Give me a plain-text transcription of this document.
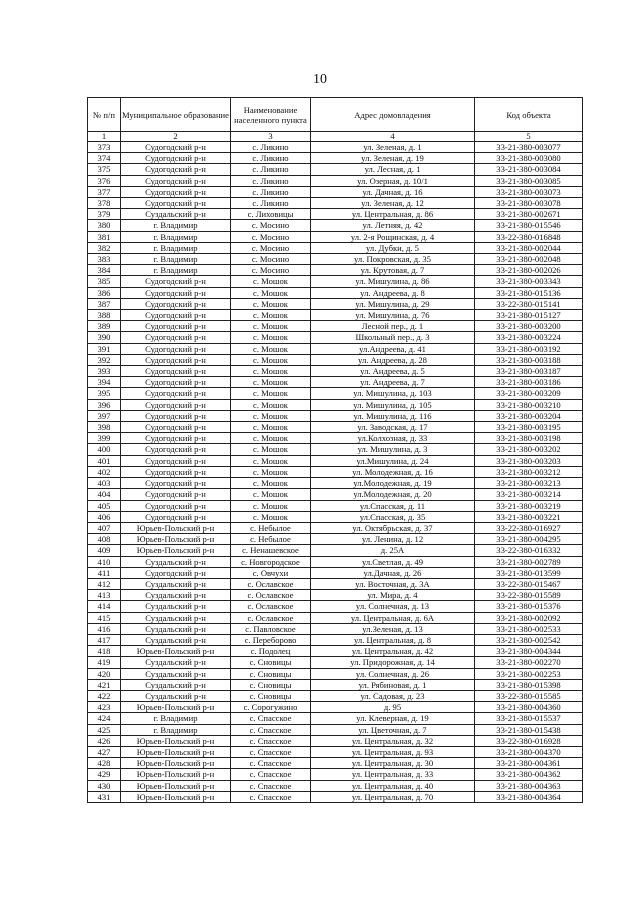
10
№ п/п	Муниципальное образование	Наименование населенного пункта	Адрес домовладения	Код объекта
1	2	3	4	5
373	Судогодский р-н	с. Ликино	ул. Зеленая, д. 1	33-21-380-003077
374	Судогодский р-н	с. Ликино	ул. Зеленая, д. 19	33-21-380-003080
375	Судогодский р-н	с. Ликино	ул. Лесная, д. 1	33-21-380-003084
376	Судогодский р-н	с. Ликино	ул. Озерная, д. 10/1	33-21-380-003085
377	Судогодский р-н	с. Ликино	ул. Дачная, д. 16	33-21-380-003073
378	Судогодский р-н	с. Ликино	ул. Зеленая, д. 12	33-21-380-003078
379	Суздальский р-н	с. Лиховицы	ул. Центральная, д. 86	33-21-380-002671
380	г. Владимир	с. Мосино	ул. Летняя, д. 42	33-21-380-015546
381	г. Владимир	с. Мосино	ул. 2-я Рощинская, д. 4	33-22-380-016848
382	г. Владимир	с. Мосино	ул. Дубки, д. 5	33-21-380-002044
383	г. Владимир	с. Мосино	ул. Покровская, д. 35	33-21-380-002048
384	г. Владимир	с. Мосино	ул. Крутовая, д. 7	33-21-380-002026
385	Судогодский р-н	с. Мошок	ул. Мишулина, д. 86	33-21-380-003343
386	Судогодский р-н	с. Мошок	ул. Андреева, д. 8	33-21-380-015136
387	Судогодский р-н	с. Мошок	ул. Мишулина, д. 29	33-22-380-015141
388	Судогодский р-н	с. Мошок	ул. Мишулина, д. 76	33-21-380-015127
389	Судогодский р-н	с. Мошок	Лесной пер., д. 1	33-21-380-003200
390	Судогодский р-н	с. Мошок	Школьный пер., д. 3	33-21-380-003224
391	Судогодский р-н	с. Мошок	ул.Андреева, д. 41	33-21-380-003192
392	Судогодский р-н	с. Мошок	ул. Андреева, д. 28	33-21-380-003188
393	Судогодский р-н	с. Мошок	ул. Андреева, д. 5	33-21-380-003187
394	Судогодский р-н	с. Мошок	ул. Андреева, д. 7	33-21-380-003186
395	Судогодский р-н	с. Мошок	ул. Мишулина, д. 103	33-21-380-003209
396	Судогодский р-н	с. Мошок	ул. Мишулина, д. 105	33-21-380-003210
397	Судогодский р-н	с. Мошок	ул. Мишулина, д. 116	33-21-380-003204
398	Судогодский р-н	с. Мошок	ул. Заводская, д. 17	33-21-380-003195
399	Судогодский р-н	с. Мошок	ул.Колхозная, д. 33	33-21-380-003198
400	Судогодский р-н	с. Мошок	ул. Мишулина, д. 3	33-21-380-003202
401	Судогодский р-н	с. Мошок	ул.Мишулина, д. 24	33-21-380-003203
402	Судогодский р-н	с. Мошок	ул. Молодежная, д. 16	33-21-380-003212
403	Судогодский р-н	с. Мошок	ул.Молодежная, д. 19	33-21-380-003213
404	Судогодский р-н	с. Мошок	ул.Молодежная, д. 20	33-21-380-003214
405	Судогодский р-н	с. Мошок	ул.Спасская, д. 11	33-21-380-003219
406	Судогодский р-н	с. Мошок	ул.Спасская, д. 35	33-21-380-003221
407	Юрьев-Польский р-н	с. Небылое	ул. Октябрьская, д. 37	33-22-380-016927
408	Юрьев-Польский р-н	с. Небылое	ул. Ленина, д. 12	33-21-380-004295
409	Юрьев-Польский р-н	с. Ненашевское	д. 25А	33-22-380-016332
410	Суздальский р-н	с. Новгородское	ул.Светлая, д. 49	33-21-380-002789
411	Судогодский р-н	с. Овчухи	ул.Дачная, д. 26	33-21-380-013599
412	Суздальский р-н	с. Ославское	ул. Восточная, д. 3А	33-22-380-015467
413	Суздальский р-н	с. Ославское	ул. Мира, д. 4	33-22-380-015589
414	Суздальский р-н	с. Ославское	ул. Солнечная, д. 13	33-21-380-015376
415	Суздальский р-н	с. Ославское	ул. Центральная, д. 6А	33-21-380-002092
416	Суздальский р-н	с. Павловское	ул.Зеленая, д. 13	33-21-380-002533
417	Суздальский р-н	с. Переборово	ул. Центральная, д. 8	33-21-380-002542
418	Юрьев-Польский р-н	с. Подолец	ул. Центральная, д. 42	33-21-380-004344
419	Суздальский р-н	с. Сновицы	ул. Придорожная, д. 14	33-21-380-002270
420	Суздальский р-н	с. Сновицы	ул. Солнечная, д. 26	33-21-380-002253
421	Суздальский р-н	с. Сновицы	ул. Рябиновая, д. 1	33-21-380-015398
422	Суздальский р-н	с. Сновицы	ул. Садовая, д. 23	33-22-380-015585
423	Юрьев-Польский р-н	с. Сорогужино	д. 95	33-21-380-004360
424	г. Владимир	с. Спасское	ул. Клеверная, д. 19	33-21-380-015537
425	г. Владимир	с. Спасское	ул. Цветочная, д. 7	33-21-380-015438
426	Юрьев-Польский р-н	с. Спасское	ул. Центральная, д. 32	33-22-380-016928
427	Юрьев-Польский р-н	с. Спасское	ул. Центральная, д. 93	33-21-380-004370
428	Юрьев-Польский р-н	с. Спасское	ул. Центральная, д. 30	33-21-380-004361
429	Юрьев-Польский р-н	с. Спасское	ул. Центральная, д. 33	33-21-380-004362
430	Юрьев-Польский р-н	с. Спасское	ул. Центральная, д. 40	33-21-380-004363
431	Юрьев-Польский р-н	с. Спасское	ул. Центральная, д. 70	33-21-380-004364
